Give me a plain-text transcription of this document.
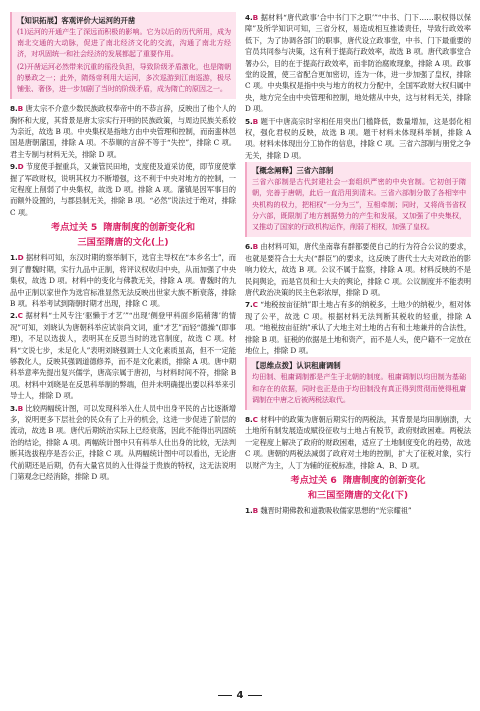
【知识拓展】客观评价大运河的开凿

(1)运河的开通产生了深远而积极的影响。它为以后的历代所用，成为南北交通的大动脉，促进了南北经济文化的交流，沟通了南北方经济，对巩固统一和社会经济的发展都起了重要作用。

(2)开凿运河必然带来沉重的徭役负担，导致阶级矛盾激化，也是隋朝的暴政之一；此外，隋炀帝利用大运河，多次巡游到江南巡游，极尽铺张、奢侈，进一步加剧了当时的阶级矛盾，成为隋亡的原因之一。

8.B 唐太宗不介意少数民族政权奉帝中的不恭言辞，反映出了他个人的胸怀和大度，其背景是唐太宗实行开明的民族政策，与周边民族关系较为亲近，故选 B 项。中央集权是指地方由中央管理和控制，而南蛮林邑国是唐朝藩国，排除 A 项。不恭顺的言辞不等于“失控”，排除 C 项。君主专制与材料无关，排除 D 项。

9.D 节度使手握重兵，又兼管民田地，支度使及道采访使，即节度使掌握了军政财权，说明其权力不断增强，这不利于中央对地方的控制，一定程度上削弱了中央集权，故选 D 项。排除 A 项。藩镇是因军事目的而额外设置的，与郡县制无关，排除 B 项。“必然”说法过于绝对，排除 C 项。

考点过关 5 隋唐制度的创新变化和
三国至隋唐的文化(上)

1.D 据材料可知，东汉时期的察举制下，选官主导权在“本乡名士”，而到了曹魏时期，实行九品中正制，将评议权收归中央，从而加强了中央集权，故选 D 项。材料中的变化与佛教无关，排除 A 项。曹魏时的九品中正制以家世作为选官标准显然无法反映出世家大族不断衰落，排除 B 项。科举考试到隋朝时期才出现，排除 C 项。

2.C 据材料“士风专注‘驱懒于才艺’”“出现‘侧登甲科面乡陷稍薄’的情况”可知，刘晓认为唐朝科举应试崇尚文词，重“才艺”而轻“德操”(即事理)，不足以选拔人，表明其在反思当时的选官制度，故选 C 项。材料“文说七步，未足化人”表明刘晓强调士人文化素质虽高，但不一定能够教化人，反映其强调道德修养，而不是文化素质，排除 A 项。唐中期科举意率先提出复兴儒学，唐高宗属于唐初，与材料时间不符，排除 B 项。材料中刘晓是在反思科举制的弊端，但并未明确提出要以科举来引导士人，排除 D 项。

3.B 比较两幅统计图，可以发现科举入仕人员中出身平民的占比逐渐增多，说明更多下层社会的民众有了上升的机会，这进一步促进了阶层的流动，故选 B 项。唐代后期统治实际上已经衰落，因此不能得出巩固统治的结论，排除 A 项。两幅统计图中只有科举人仕出身的比较，无法判断其选拔程序是否公正，排除 C 项。从两幅统计图中可以看出，无论唐代前期还是后期，仍有大量官员的入仕得益于贵族的特权，这无法说明门第观念已经消除，排除 D 项。

4.B 据材料“唐代政事‘合中书门下之职’”“中书、门下……职权得以保障”及所学知识可知，三省分权，易造成相互推诿责任，导致行政效率低下，为了协调各部门的职事，唐代设立政事堂，中书、门下最重要的官员共同参与决策，这有利于提高行政效率，故选 B 项。唐代政事堂合署办公，目的在于提高行政效率，而非防治腐败现象，排除 A 项。政事堂的设置，使三省配合更加密切，连为一体，进一步加强了皇权，排除 C 项。中央集权是指中央与地方的权力分配中，全国军政财大权归属中央，地方完全由中央管理和控制，地处辖从中央，这与材料无关，排除 D 项。

5.B 题干中唐高宗时宰相任用突出门槛降低，数量增加，这是弱化相权，强化君权的反映，故选 B 项。题干材料未体现科举制，排除 A 项。材料未体现出分工协作的信息，排除 C 项。三省六部制与朋党之争无关，排除 D 项。

【概念阐释】三省六部制

三省六部制是古代封建社会一套组织严密的中央官制。它初创于隋朝，完善于唐朝，此后一直沿用到清末。三省六部制分散了各相宰中央机构的权力，把相权“一分为三”，互相牵制；同时，又将尚书省权分六部，既限制了地方割据势力的产生和发展，又加强了中央集权，又推动了国家的行政机构运作，削弱了相权，加强了皇权。

6.B 由材料可知，唐代坐南靠有群都要使自己的行为符合公议的要求，也就是要符合士大夫(“群臣”)的要求，这反映了唐代士大夫对政治的影响力较大，故选 B 项。公议不属于监察，排除 A 项。材料反映的不是民间舆论，而是官员和士大夫的舆论，排除 C 项。公议制度并不能表明唐代政治决策的民主色彩浓厚，排除 D 项。

7.C “地税按亩征纳”即土地占有多的纳税多，土地少的纳税少，相对体现了公平，故选 C 项。根据材料无法判断其税收的轻重，排除 A 项。“地税按亩征纳”承认了大地主对土地的占有和土地兼并的合法性，排除 B 项。征税的依据是土地和资产，而不是人头，使户籍不一定放在地位上，排除 D 项。

【思维点拨】认识租庸调制

均田制、租庸调制都是产生于北朝的制度。租庸调制以均田制为基础和存在的依据，同时也正是由于均田制没有真正得到贯彻而使得租庸调制在中唐之后被两税法取代。

8.C 材料中的政策为唐朝后期实行的两税法，其背景是均田制崩溃，大土地所有制发展造成赋役征收与土地占有脱节，政府财政困难。两税法一定程度上解决了政府的财政困难，适应了土地制度变化的趋势，故选 C 项。唐朝的两税法减弱了政府对土地的控制，扩大了征税对象，实行以财产为主，人丁为辅的征税标准，排除 A、B、D 项。

考点过关 6 隋唐制度的创新变化
和三国至隋唐的文化(下)

1.B 魏晋时期佛教和道教吸收儒家思想的“光宗耀祖”

4
